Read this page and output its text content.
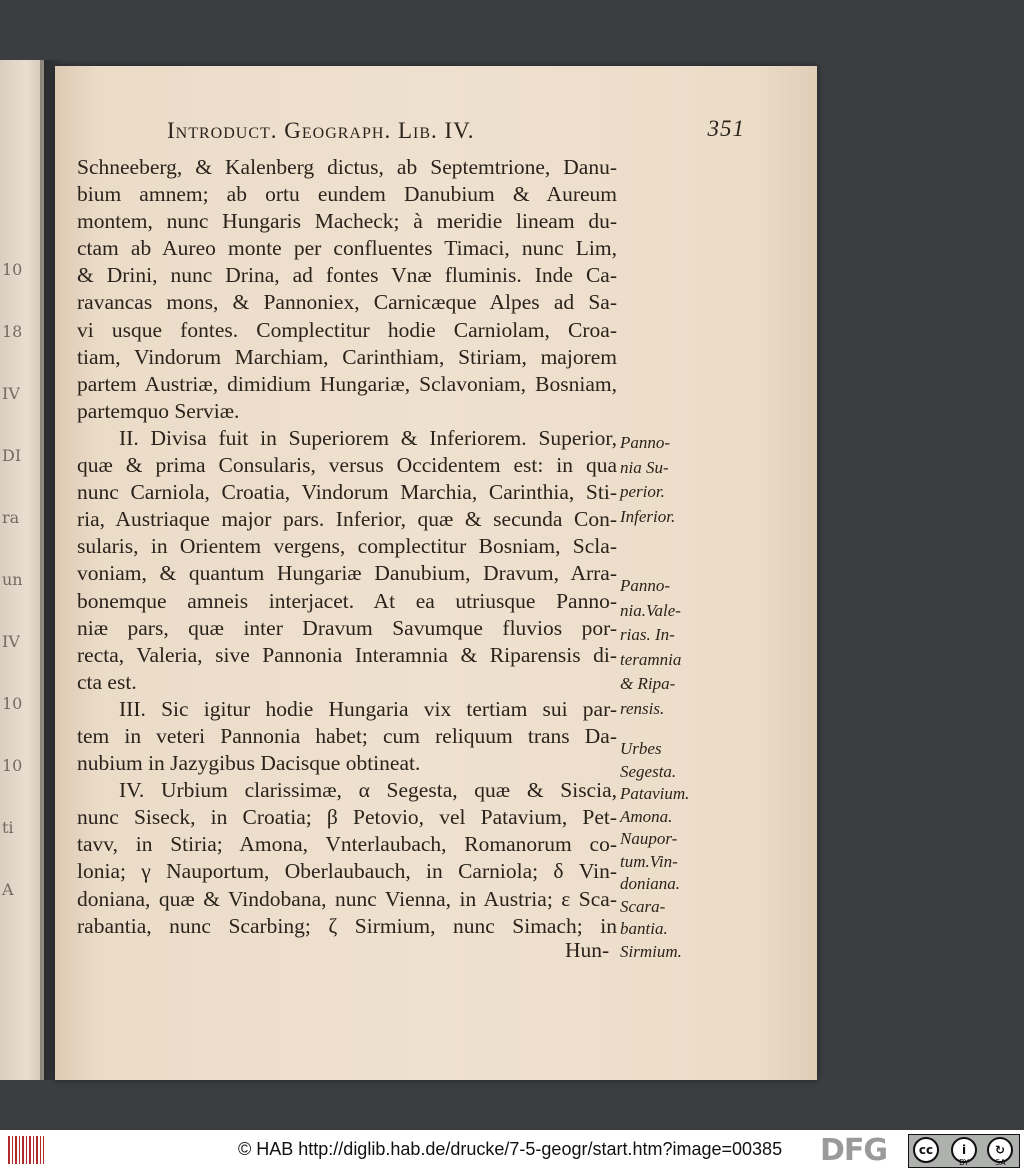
10
18
IV
DI
ra
un
IV
10
10
ti
A
Introduct. Geograph. Lib. IV.	351
Schneeberg, & Kalenberg dictus, ab Septemtrione, Danu-
bium amnem; ab ortu eundem Danubium & Aureum
montem, nunc Hungaris Macheck; à meridie lineam du-
ctam ab Aureo monte per confluentes Timaci, nunc Lim,
& Drini, nunc Drina, ad fontes Vnæ fluminis. Inde Ca-
ravancas mons, & Pannoniex, Carnicæque Alpes ad Sa-
vi usque fontes. Complectitur hodie Carniolam, Croa-
tiam, Vindorum Marchiam, Carinthiam, Stiriam, majorem
partem Austriæ, dimidium Hungariæ, Sclavoniam, Bosniam,
partemquo Serviæ.
II. Divisa fuit in Superiorem & Inferiorem. Superior,
quæ & prima Consularis, versus Occidentem est: in qua
nunc Carniola, Croatia, Vindorum Marchia, Carinthia, Sti-
ria, Austriaque major pars. Inferior, quæ & secunda Con-
sularis, in Orientem vergens, complectitur Bosniam, Scla-
voniam, & quantum Hungariæ Danubium, Dravum, Arra-
bonemque amneis interjacet. At ea utriusque Panno-
niæ pars, quæ inter Dravum Savumque fluvios por-
recta, Valeria, sive Pannonia Interamnia & Riparensis di-
cta est.
III. Sic igitur hodie Hungaria vix tertiam sui par-
tem in veteri Pannonia habet; cum reliquum trans Da-
nubium in Jazygibus Dacisque obtineat.
IV. Urbium clarissimæ, α Segesta, quæ & Siscia,
nunc Siseck, in Croatia; β Petovio, vel Patavium, Pet-
tavv, in Stiria; Amona, Vnterlaubach, Romanorum co-
lonia; γ Nauportum, Oberlaubauch, in Carniola; δ Vin-
doniana, quæ & Vindobana, nunc Vienna, in Austria; ε Sca-
rabantia, nunc Scarbing; ζ Sirmium, nunc Simach; in
Panno-
nia Su-
perior.
Inferior.
Panno-
nia.Vale-
rias. In-
teramnia
& Ripa-
rensis.
Urbes
Segesta.
Patavium.
Amona.
Naupor-
tum.Vin-
doniana.
Scara-
bantia.
Sirmium.
Hun-
© HAB http://diglib.hab.de/drucke/7-5-geogr/start.htm?image=00385 DFG	cc	i	↻
BY	SA
